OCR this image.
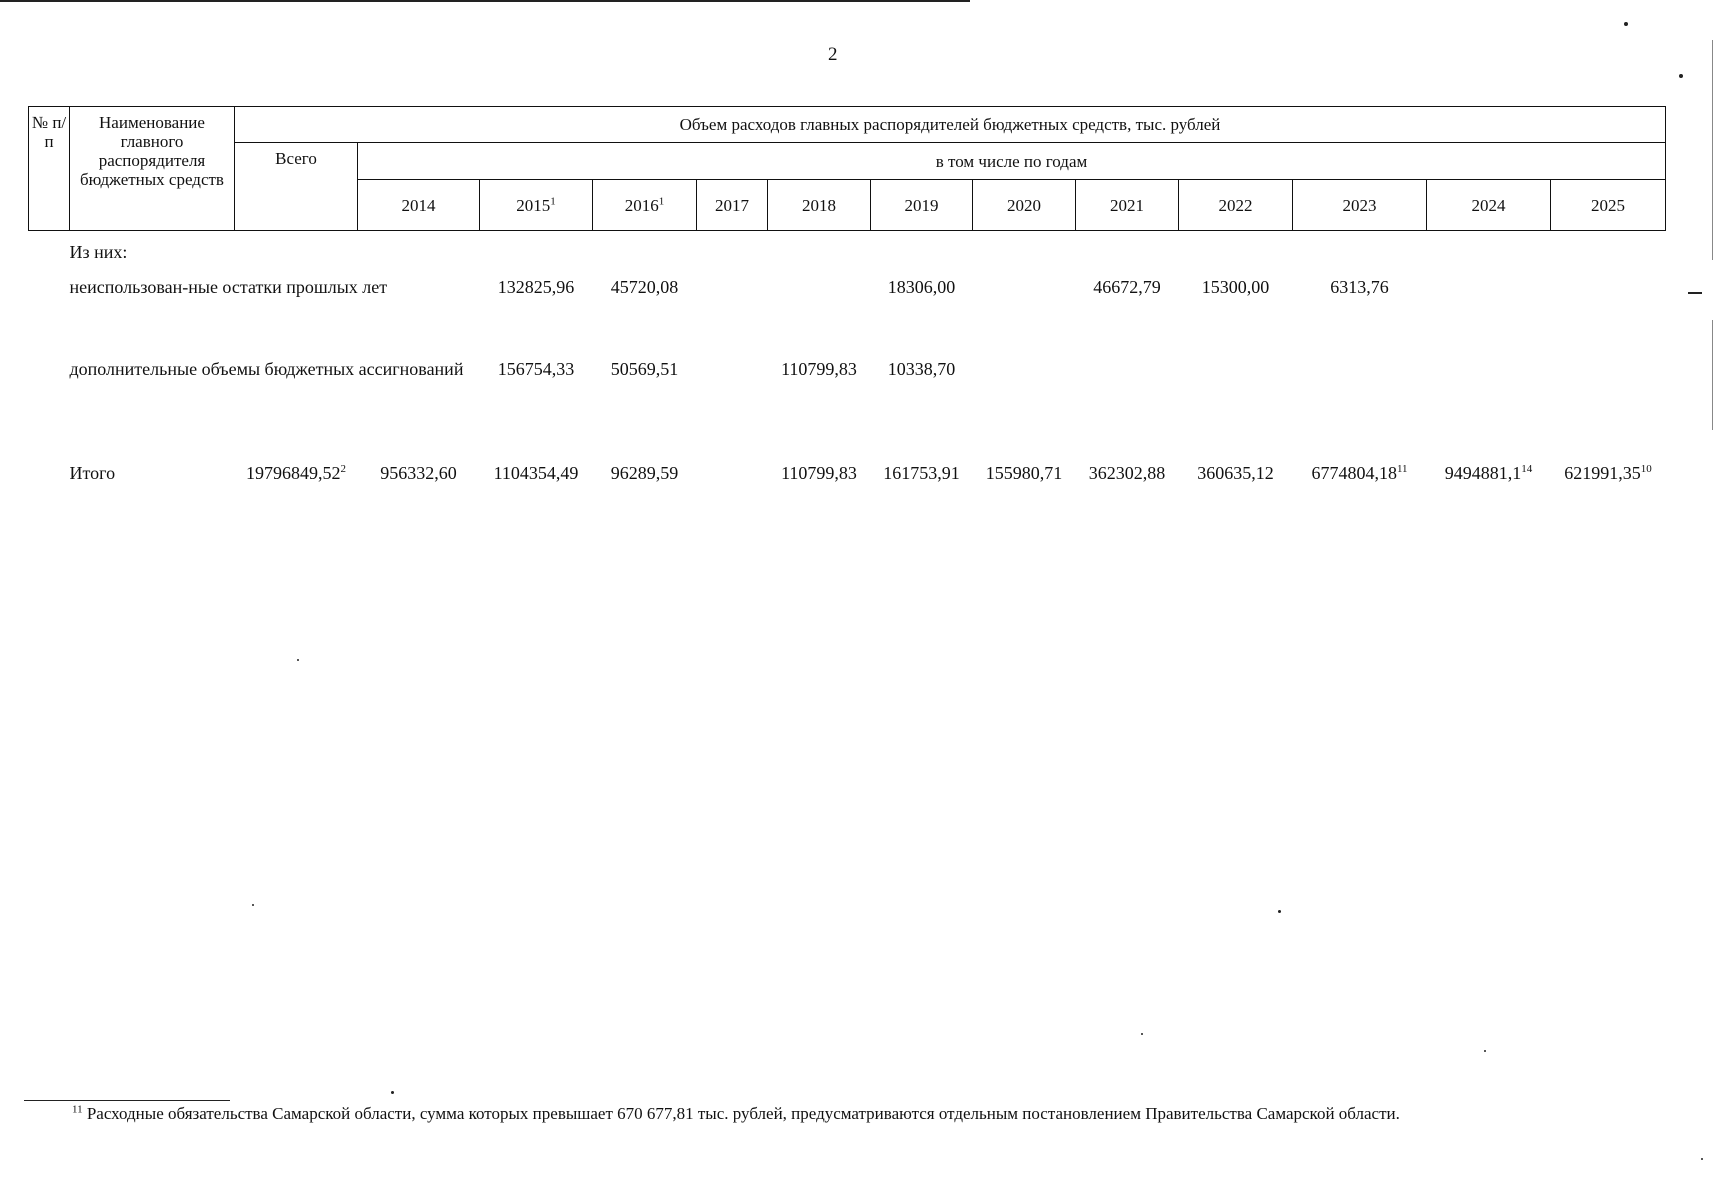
2
№ п/п	Наименование главного распорядителя бюджетных средств	Объем расходов главных распорядителей бюджетных средств, тыс. рублей												
		Всего	в том числе по годам											
			2014	2015$^1$	2016$^1$	2017	2018	2019	2020	2021	2022	2023	2024	2025
	Из них:													
	неиспользован-ные остатки прошлых лет			132825,96	45720,08			18306,00		46672,79	15300,00	6313,76		
	дополнительные объемы бюджетных ассигнований			156754,33	50569,51		110799,83	10338,70						
	Итого	19796849,52$^2$	956332,60	1104354,49	96289,59		110799,83	161753,91	155980,71	362302,88	360635,12	6774804,18$^{11}$	9494881,1$^{14}$	621991,35$^{10}$
$^{11}$ Расходные обязательства Самарской области, сумма которых превышает 670 677,81 тыс. рублей, предусматриваются отдельным постановлением Правительства Самарской области.
